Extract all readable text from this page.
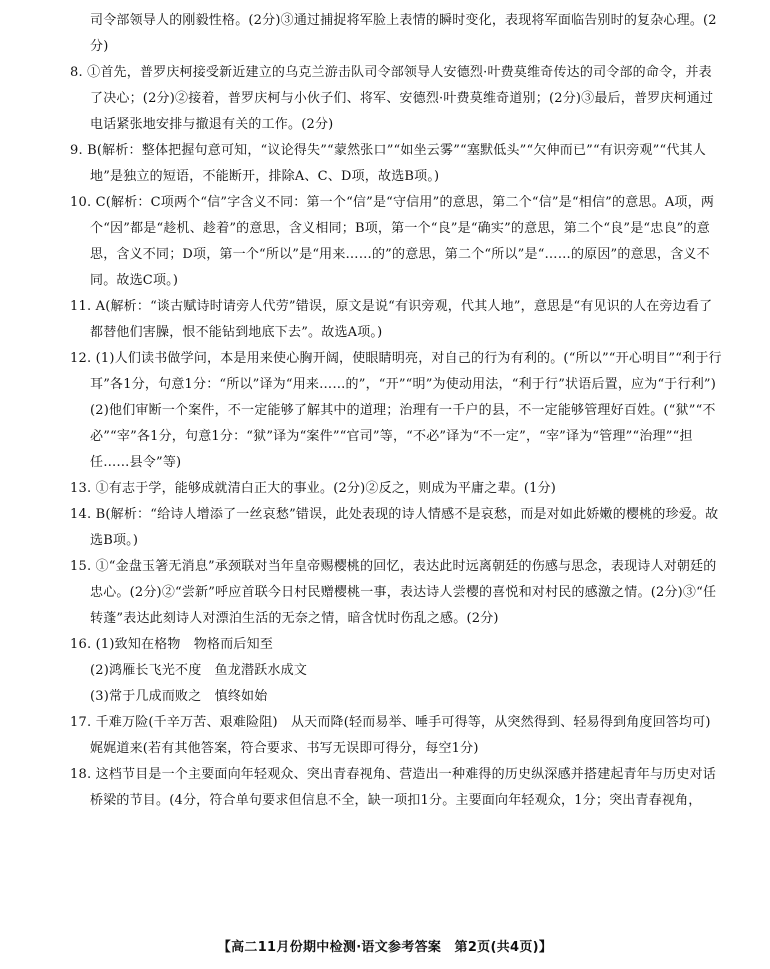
司令部领导人的刚毅性格。(2分)③通过捕捉将军脸上表情的瞬时变化，表现将军面临告别时的复杂心理。(2分)

8. ①首先，普罗庆柯接受新近建立的乌克兰游击队司令部领导人安德烈·叶费莫维奇传达的司令部的命令，并表了决心；(2分)②接着，普罗庆柯与小伙子们、将军、安德烈·叶费莫维奇道别；(2分)③最后，普罗庆柯通过电话紧张地安排与撤退有关的工作。(2分)

9. B(解析：整体把握句意可知，“议论得失”“蒙然张口”“如坐云雾”“塞默低头”“欠伸而已”“有识旁观”“代其人地”是独立的短语，不能断开，排除A、C、D项，故选B项。)

10. C(解析：C项两个“信”字含义不同：第一个“信”是“守信用”的意思，第二个“信”是“相信”的意思。A项，两个“因”都是“趁机、趁着”的意思，含义相同；B项，第一个“良”是“确实”的意思，第二个“良”是“忠良”的意思，含义不同；D项，第一个“所以”是“用来……的”的意思，第二个“所以”是“……的原因”的意思，含义不同。故选C项。)

11. A(解析：“谈古赋诗时请旁人代劳”错误，原文是说“有识旁观，代其人地”，意思是“有见识的人在旁边看了都替他们害臊，恨不能钻到地底下去”。故选A项。)

12. (1)人们读书做学问，本是用来使心胸开阔，使眼睛明亮，对自己的行为有利的。(“所以”“开心明目”“利于行耳”各1分，句意1分：“所以”译为“用来……的”，“开”“明”为使动用法，“利于行”状语后置，应为“于行利”)

(2)他们审断一个案件，不一定能够了解其中的道理；治理有一千户的县，不一定能够管理好百姓。(“狱”“不必”“宰”各1分，句意1分：“狱”译为“案件”“官司”等，“不必”译为“不一定”，“宰”译为“管理”“治理”“担任……县令”等)

13. ①有志于学，能够成就清白正大的事业。(2分)②反之，则成为平庸之辈。(1分)

14. B(解析：“给诗人增添了一丝哀愁”错误，此处表现的诗人情感不是哀愁，而是对如此娇嫩的樱桃的珍爱。故选B项。)

15. ①“金盘玉箸无消息”承颈联对当年皇帝赐樱桃的回忆，表达此时远离朝廷的伤感与思念，表现诗人对朝廷的忠心。(2分)②“尝新”呼应首联今日村民赠樱桃一事，表达诗人尝樱的喜悦和对村民的感激之情。(2分)③“任转蓬”表达此刻诗人对漂泊生活的无奈之情，暗含忧时伤乱之感。(2分)

16. (1)致知在格物　物格而后知至

(2)鸿雁长飞光不度　鱼龙潜跃水成文

(3)常于几成而败之　慎终如始

17. 千难万险(千辛万苦、艰难险阻)　从天而降(轻而易举、唾手可得等，从突然得到、轻易得到角度回答均可)娓娓道来(若有其他答案，符合要求、书写无误即可得分，每空1分)

18. 这档节目是一个主要面向年轻观众、突出青春视角、营造出一种难得的历史纵深感并搭建起青年与历史对话桥梁的节目。(4分，符合单句要求但信息不全，缺一项扣1分。主要面向年轻观众，1分；突出青春视角，

【高二11月份期中检测·语文参考答案　第2页(共4页)】
